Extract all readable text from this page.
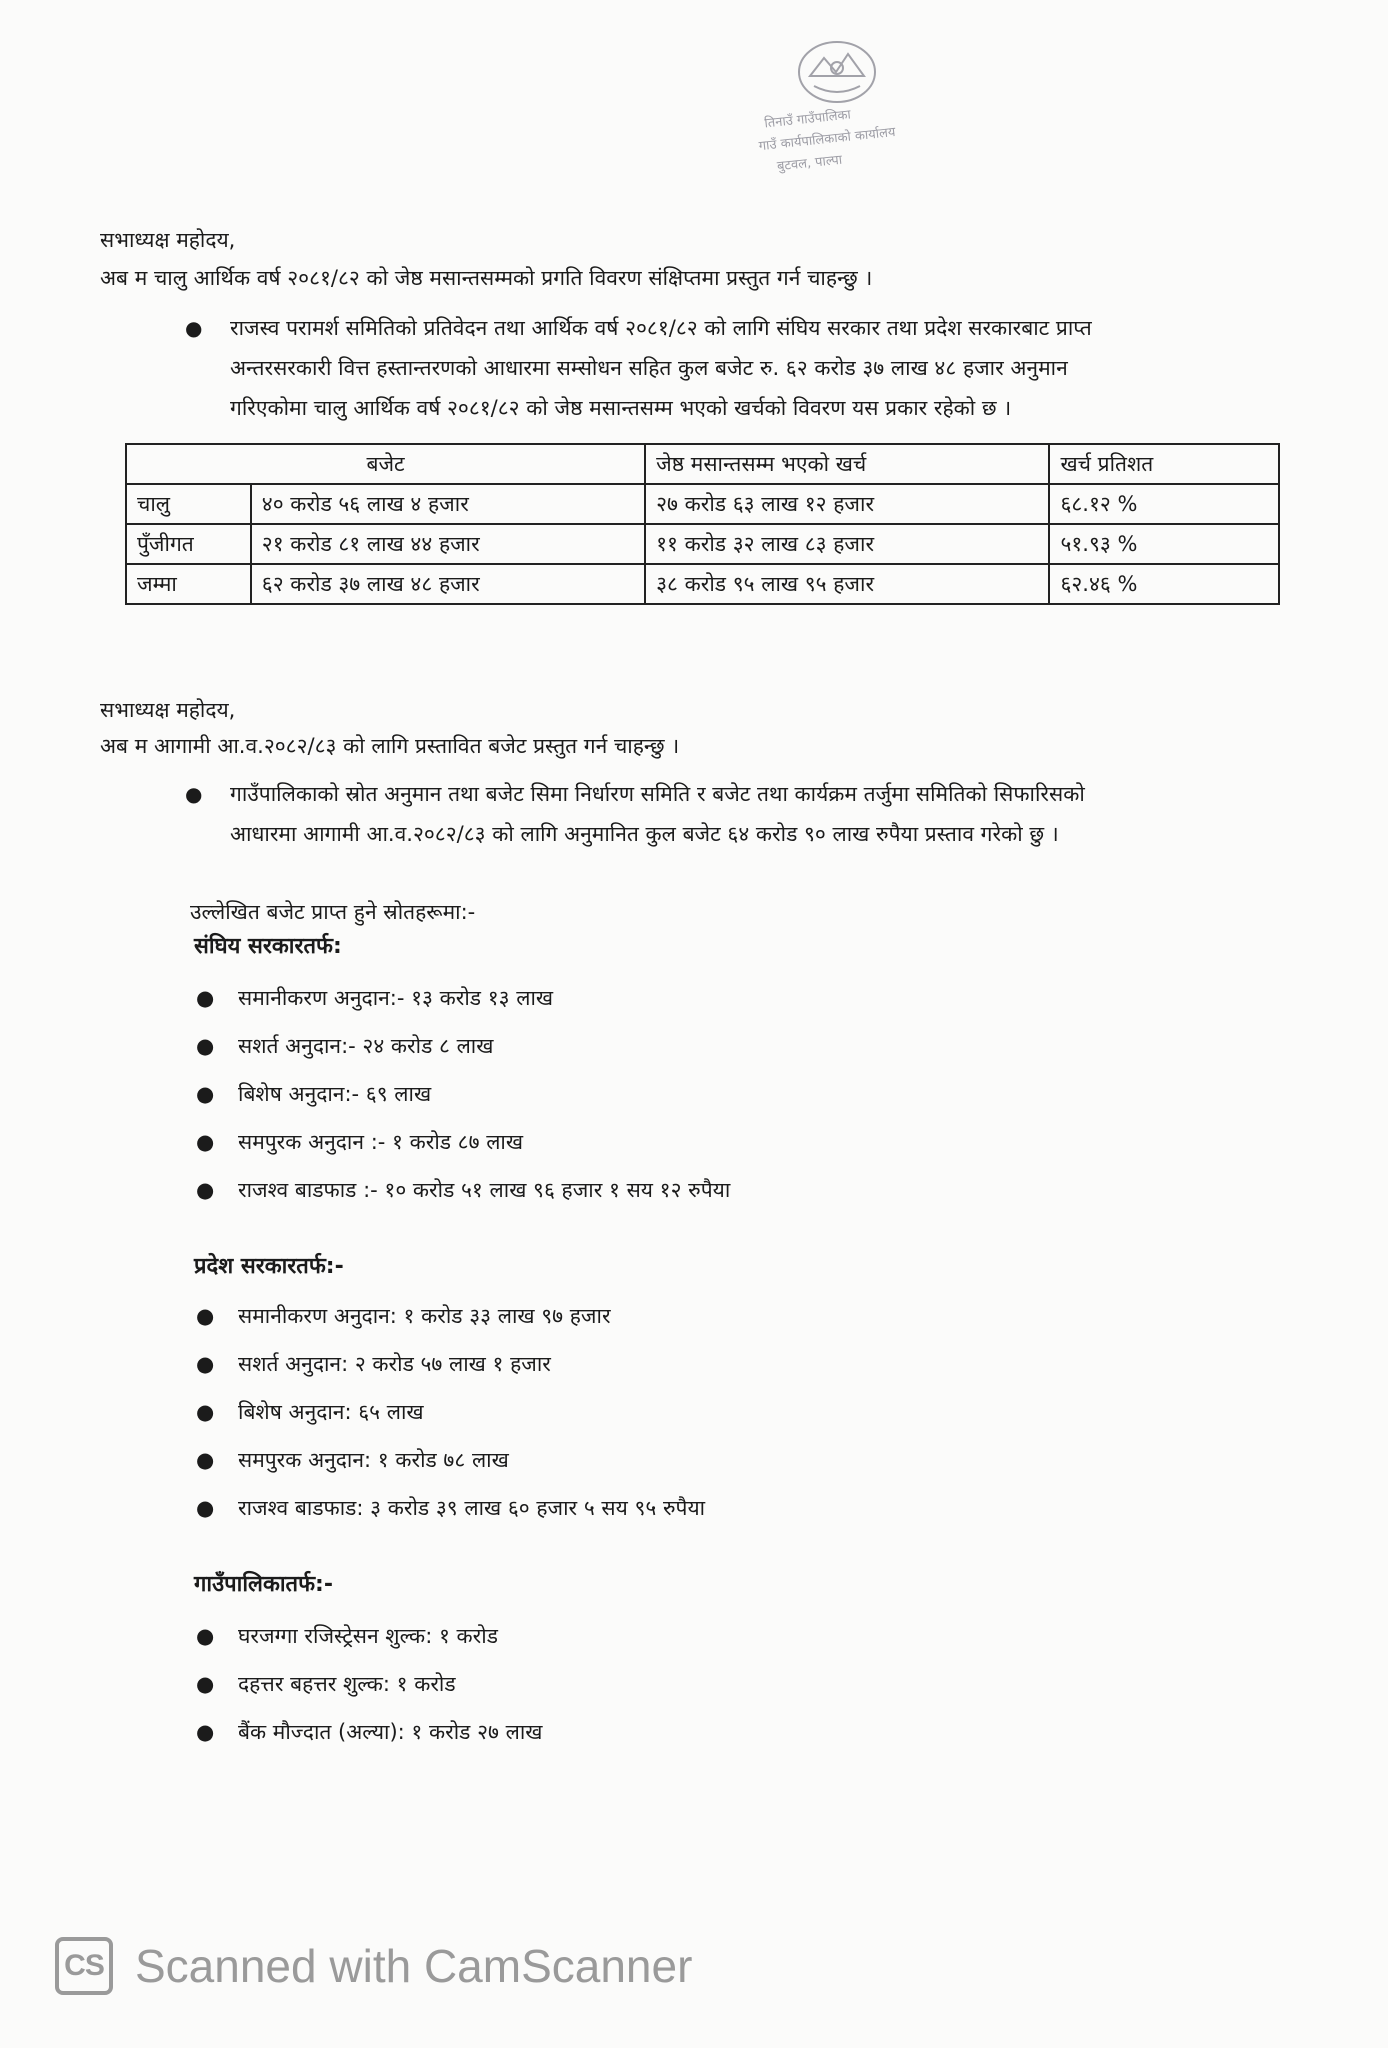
तिनाउँ गाउँपालिका
गाउँ कार्यपालिकाको कार्यालय
बुटवल, पाल्पा
सभाध्यक्ष महोदय,
अब म चालु आर्थिक वर्ष २०८१/८२ को जेष्ठ मसान्तसम्मको प्रगति विवरण संक्षिप्तमा प्रस्तुत गर्न चाहन्छु ।
●	राजस्व परामर्श समितिको प्रतिवेदन तथा आर्थिक वर्ष २०८१/८२ को लागि संघिय सरकार तथा प्रदेश सरकारबाट प्राप्त
अन्तरसरकारी वित्त हस्तान्तरणको आधारमा सम्सोधन सहित कुल बजेट रु. ६२ करोड ३७ लाख ४८ हजार अनुमान
गरिएकोमा चालु आर्थिक वर्ष २०८१/८२ को जेष्ठ मसान्तसम्म भएको खर्चको विवरण यस प्रकार रहेको छ ।
बजेट		जेष्ठ मसान्तसम्म भएको खर्च	खर्च प्रतिशत
चालु	४० करोड ५६ लाख ४ हजार	२७ करोड ६३ लाख १२ हजार	६८.१२ %
पुँजीगत	२१ करोड ८१ लाख ४४ हजार	११ करोड ३२ लाख ८३ हजार	५१.९३ %
जम्मा	६२ करोड ३७ लाख ४८ हजार	३८ करोड ९५ लाख ९५ हजार	६२.४६ %
सभाध्यक्ष महोदय,
अब म आगामी आ.व.२०८२/८३ को लागि प्रस्तावित बजेट प्रस्तुत गर्न चाहन्छु ।
●	गाउँपालिकाको स्रोत अनुमान तथा बजेट सिमा निर्धारण समिति र बजेट तथा कार्यक्रम तर्जुमा समितिको सिफारिसको
आधारमा आगामी आ.व.२०८२/८३ को लागि अनुमानित कुल बजेट ६४ करोड ९० लाख रुपैया प्रस्ताव गरेको छु ।
उल्लेखित बजेट प्राप्त हुने स्रोतहरूमा:-
संघिय सरकारतर्फ:
● समानीकरण अनुदान:- १३ करोड १३ लाख
● सशर्त अनुदान:- २४ करोड ८ लाख
● बिशेष अनुदान:- ६९ लाख
● समपुरक अनुदान :- १ करोड ८७ लाख
● राजश्व बाडफाड :- १० करोड ५१ लाख ९६ हजार १ सय १२ रुपैया
प्रदेश सरकारतर्फ:-
● समानीकरण अनुदान: १ करोड ३३ लाख ९७ हजार
● सशर्त अनुदान: २ करोड ५७ लाख १ हजार
● बिशेष अनुदान: ६५ लाख
● समपुरक अनुदान: १ करोड ७८ लाख
● राजश्व बाडफाड: ३ करोड ३९ लाख ६० हजार ५ सय ९५ रुपैया
गाउँपालिकातर्फ:-
● घरजग्गा रजिस्ट्रेसन शुल्क: १ करोड
● दहत्तर बहत्तर शुल्क: १ करोड
● बैंक मौज्दात (अल्या): १ करोड २७ लाख
CS Scanned with CamScanner
